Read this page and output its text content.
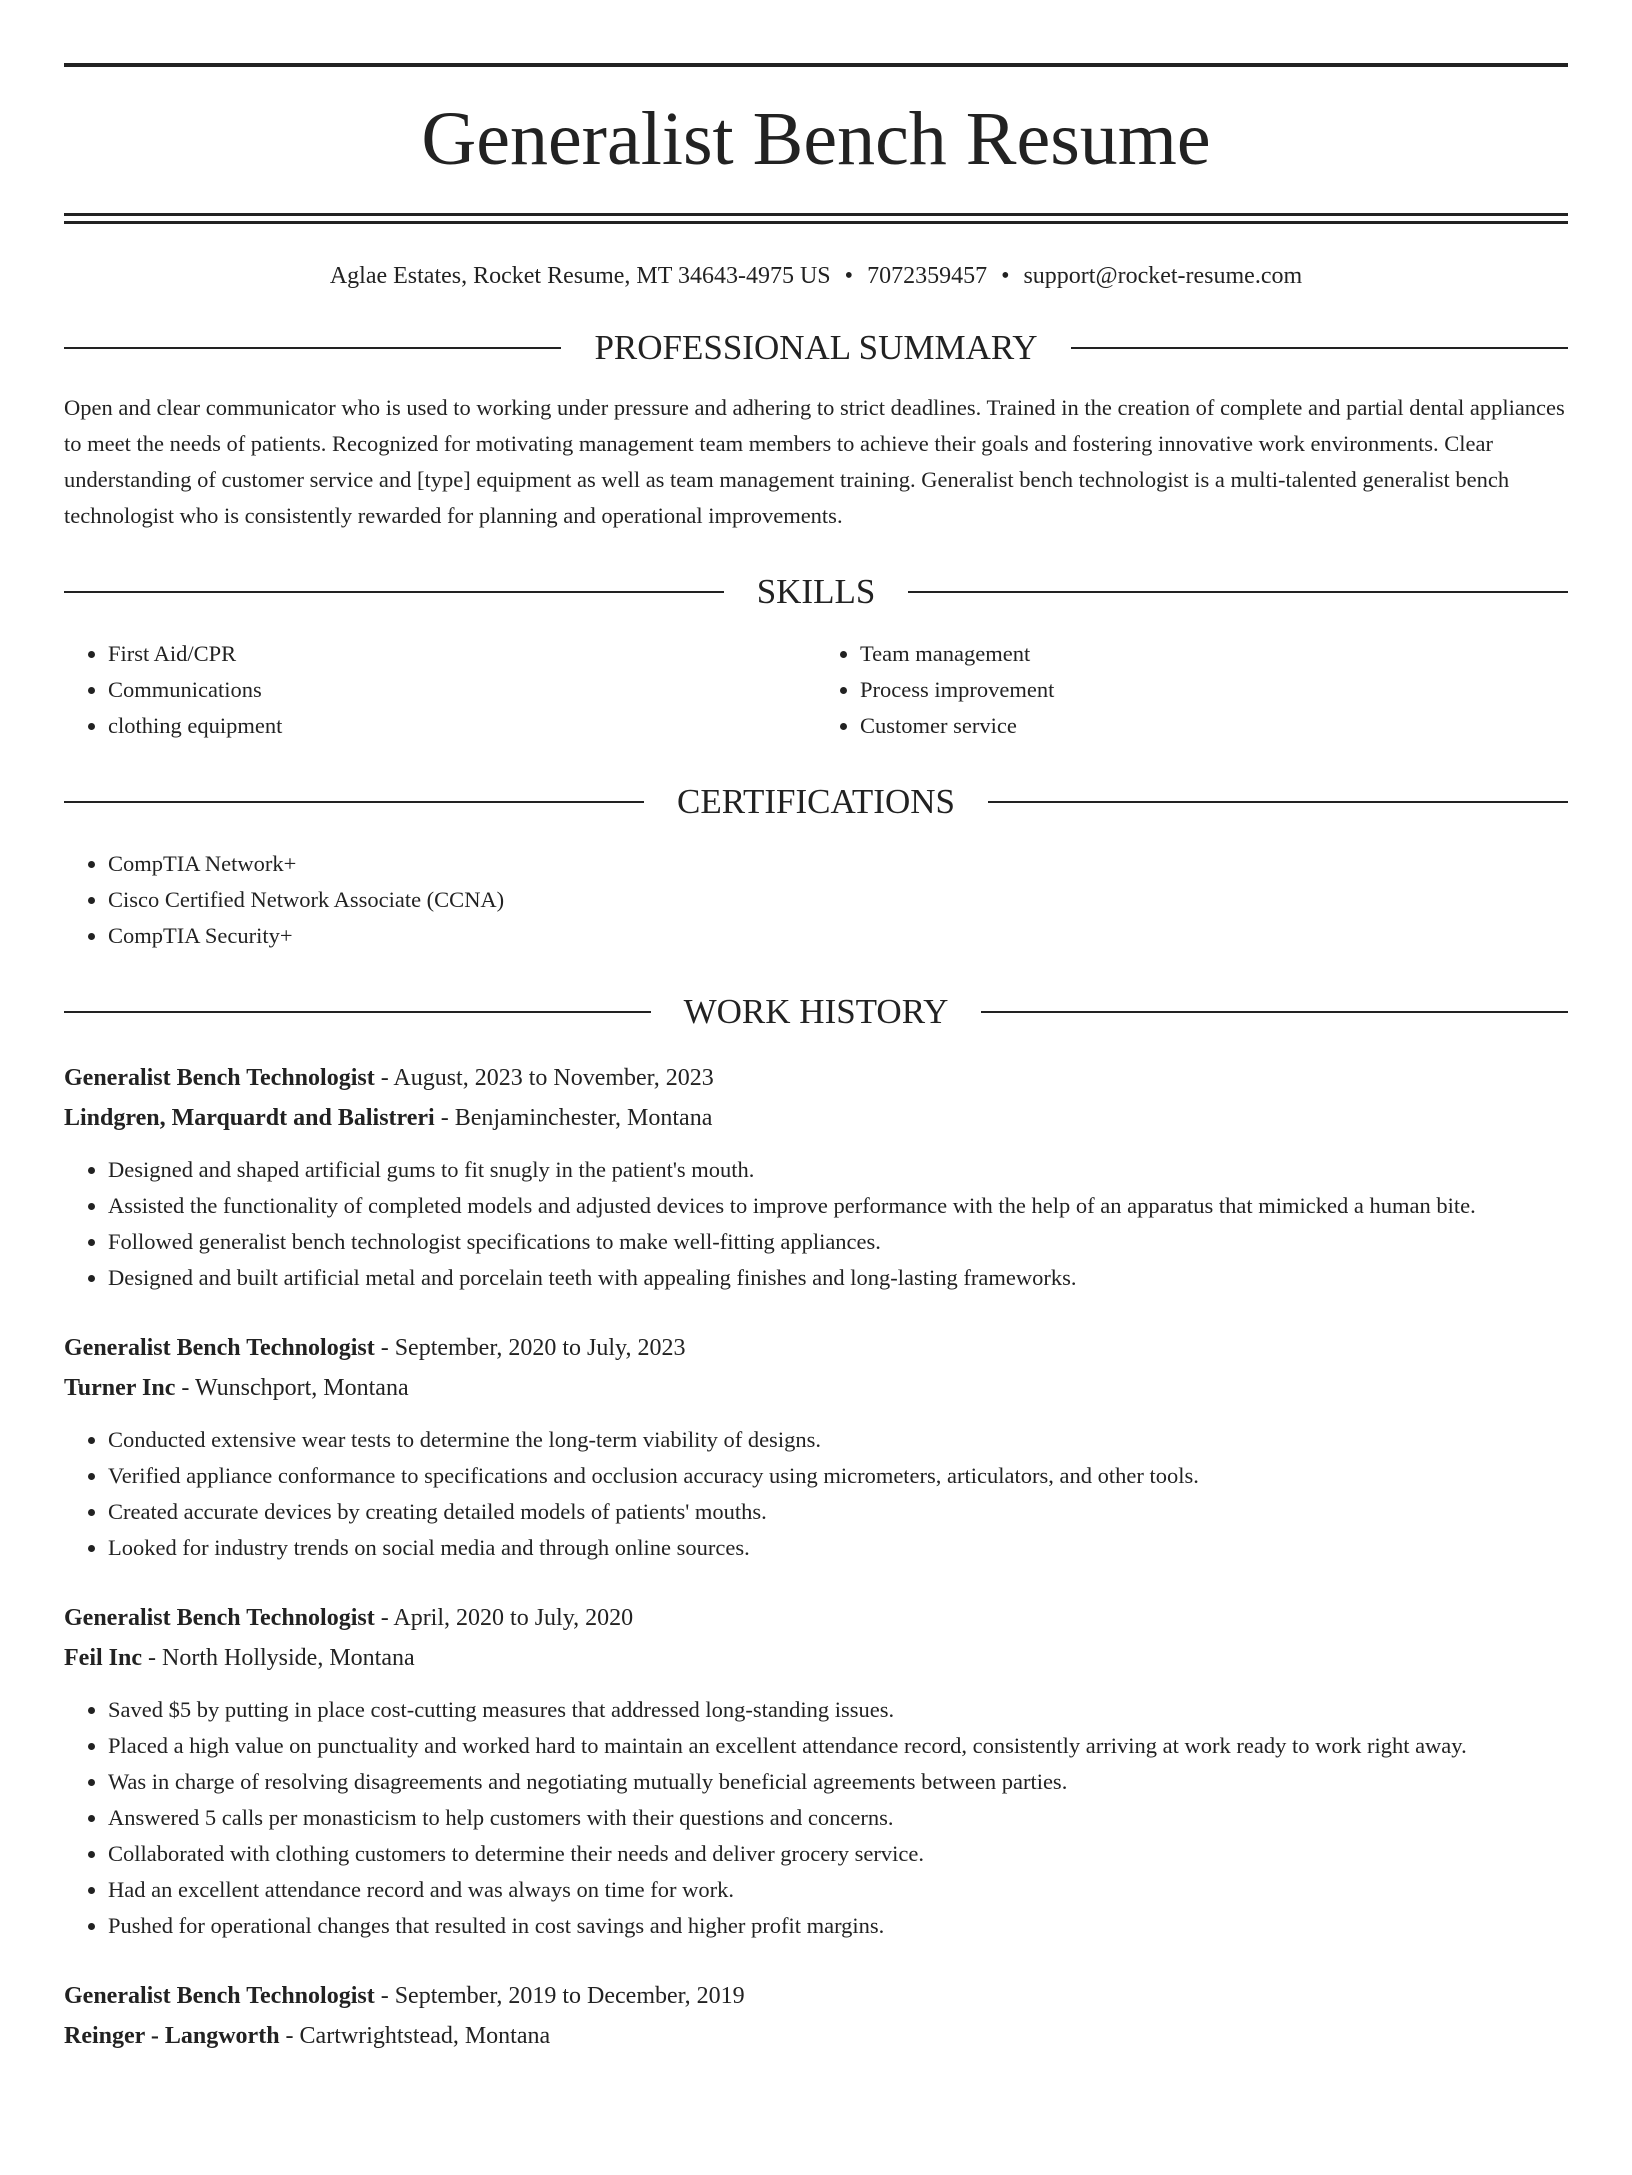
Generalist Bench Resume
Aglae Estates, Rocket Resume, MT 34643-4975 US • 7072359457 • support@rocket-resume.com
PROFESSIONAL SUMMARY
Open and clear communicator who is used to working under pressure and adhering to strict deadlines. Trained in the creation of complete and partial dental appliances to meet the needs of patients. Recognized for motivating management team members to achieve their goals and fostering innovative work environments. Clear understanding of customer service and [type] equipment as well as team management training. Generalist bench technologist is a multi-talented generalist bench technologist who is consistently rewarded for planning and operational improvements.
SKILLS
• First Aid/CPR
• Communications
• clothing equipment
• Team management
• Process improvement
• Customer service
CERTIFICATIONS
• CompTIA Network+
• Cisco Certified Network Associate (CCNA)
• CompTIA Security+
WORK HISTORY
Generalist Bench Technologist - August, 2023 to November, 2023
Lindgren, Marquardt and Balistreri - Benjaminchester, Montana
• Designed and shaped artificial gums to fit snugly in the patient's mouth.
• Assisted the functionality of completed models and adjusted devices to improve performance with the help of an apparatus that mimicked a human bite.
• Followed generalist bench technologist specifications to make well-fitting appliances.
• Designed and built artificial metal and porcelain teeth with appealing finishes and long-lasting frameworks.
Generalist Bench Technologist - September, 2020 to July, 2023
Turner Inc - Wunschport, Montana
• Conducted extensive wear tests to determine the long-term viability of designs.
• Verified appliance conformance to specifications and occlusion accuracy using micrometers, articulators, and other tools.
• Created accurate devices by creating detailed models of patients' mouths.
• Looked for industry trends on social media and through online sources.
Generalist Bench Technologist - April, 2020 to July, 2020
Feil Inc - North Hollyside, Montana
• Saved $5 by putting in place cost-cutting measures that addressed long-standing issues.
• Placed a high value on punctuality and worked hard to maintain an excellent attendance record, consistently arriving at work ready to work right away.
• Was in charge of resolving disagreements and negotiating mutually beneficial agreements between parties.
• Answered 5 calls per monasticism to help customers with their questions and concerns.
• Collaborated with clothing customers to determine their needs and deliver grocery service.
• Had an excellent attendance record and was always on time for work.
• Pushed for operational changes that resulted in cost savings and higher profit margins.
Generalist Bench Technologist - September, 2019 to December, 2019
Reinger - Langworth - Cartwrightstead, Montana
